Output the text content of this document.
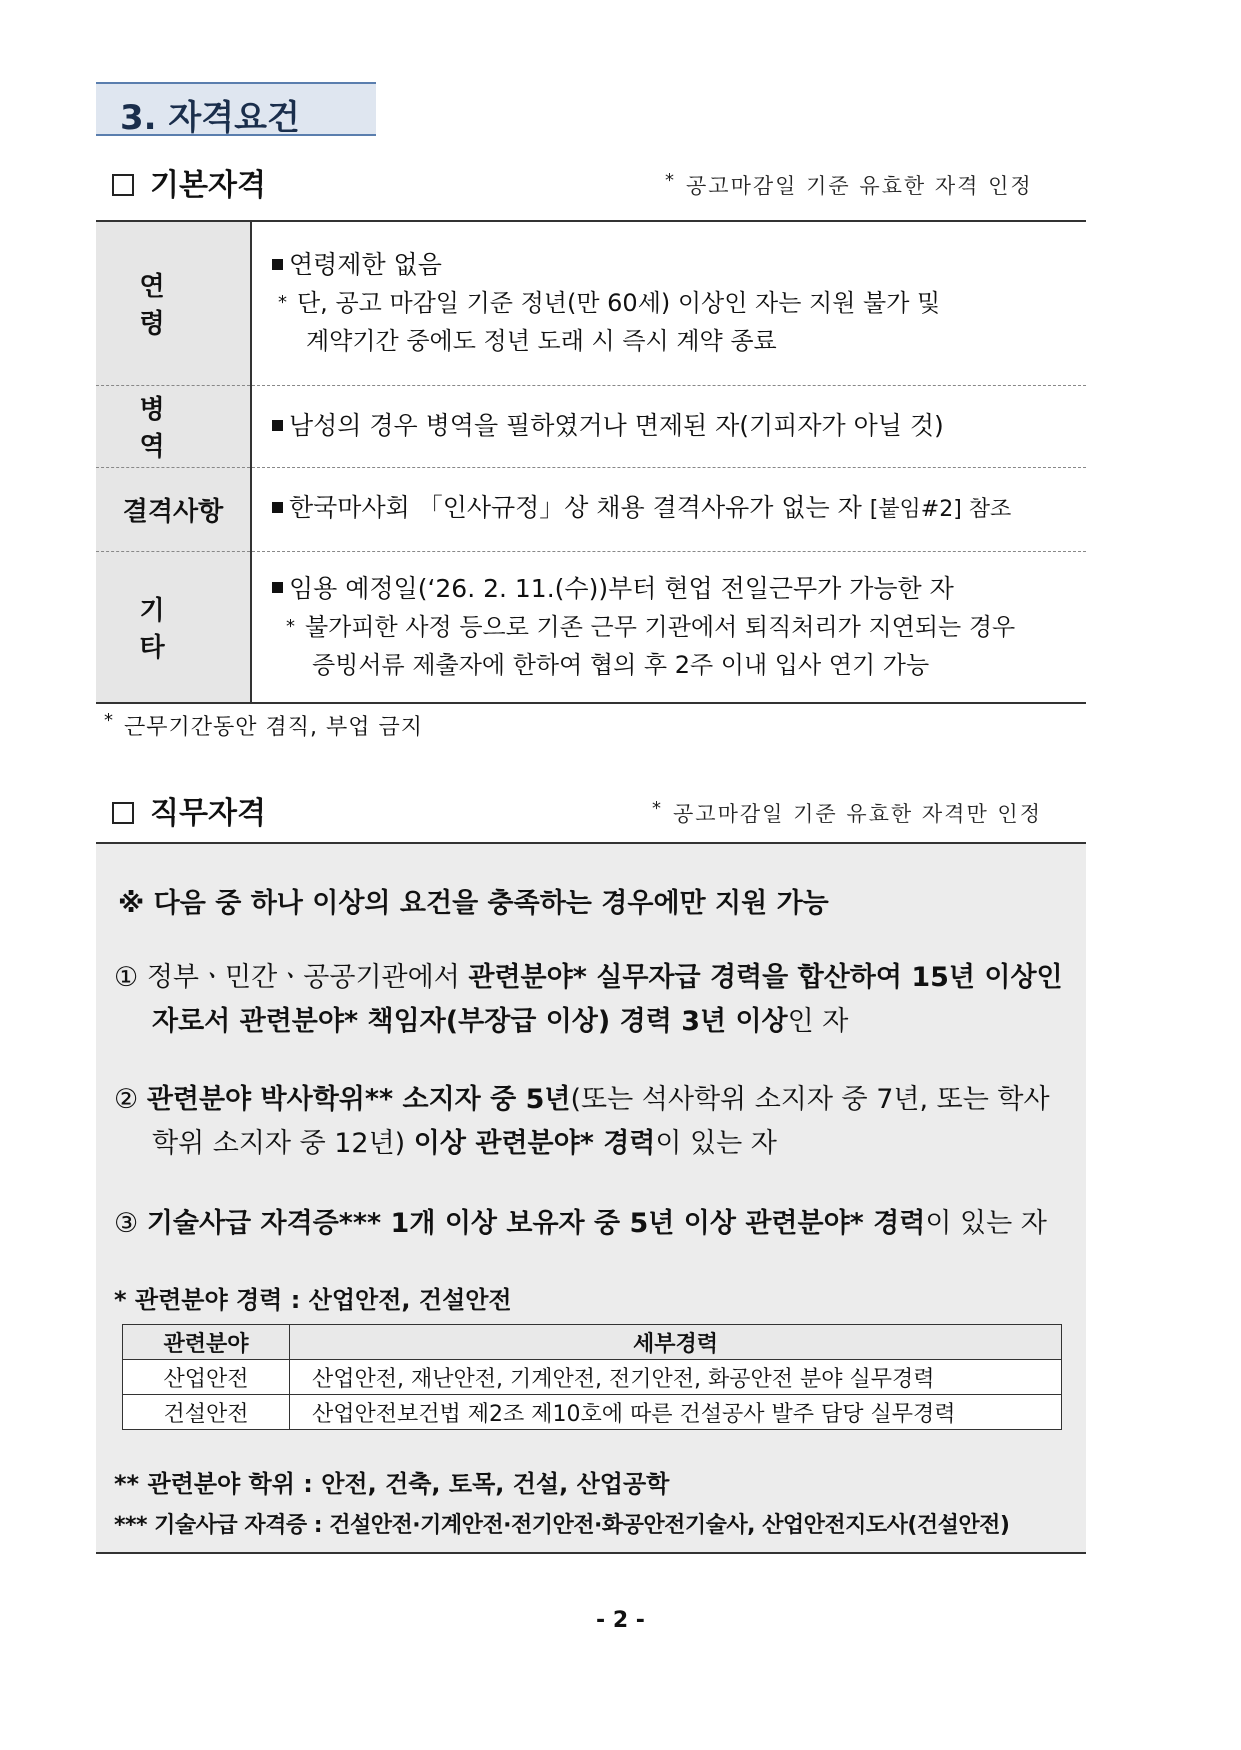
3. 자격요건
기본자격	* 공고마감일 기준 유효한 자격 인정
연 령	연령제한 없음
* 단, 공고 마감일 기준 정년(만 60세) 이상인 자는 지원 불가 및
계약기간 중에도 정년 도래 시 즉시 계약 종료

병 역	남성의 경우 병역을 필하였거나 면제된 자(기피자가 아닐 것)
결격사항	한국마사회 「인사규정」상 채용 결격사유가 없는 자 [붙임#2] 참조
기 타	임용 예정일(‘26. 2. 11.(수))부터 현업 전일근무가 가능한 자
* 불가피한 사정 등으로 기존 근무 기관에서 퇴직처리가 지연되는 경우
증빙서류 제출자에 한하여 협의 후 2주 이내 입사 연기 가능
* 근무기간동안 겸직, 부업 금지
직무자격	* 공고마감일 기준 유효한 자격만 인정
※ 다음 중 하나 이상의 요건을 충족하는 경우에만 지원 가능
① 정부ㆍ민간ㆍ공공기관에서 관련분야* 실무자급 경력을 합산하여 15년 이상인
자로서 관련분야* 책임자(부장급 이상) 경력 3년 이상인 자
② 관련분야 박사학위** 소지자 중 5년(또는 석사학위 소지자 중 7년, 또는 학사
학위 소지자 중 12년) 이상 관련분야* 경력이 있는 자
③ 기술사급 자격증*** 1개 이상 보유자 중 5년 이상 관련분야* 경력이 있는 자
* 관련분야 경력 : 산업안전, 건설안전
관련분야	세부경력
산업안전	산업안전, 재난안전, 기계안전, 전기안전, 화공안전 분야 실무경력
건설안전	산업안전보건법 제2조 제10호에 따른 건설공사 발주 담당 실무경력
** 관련분야 학위 : 안전, 건축, 토목, 건설, 산업공학
*** 기술사급 자격증 : 건설안전·기계안전·전기안전·화공안전기술사, 산업안전지도사(건설안전)
- 2 -
